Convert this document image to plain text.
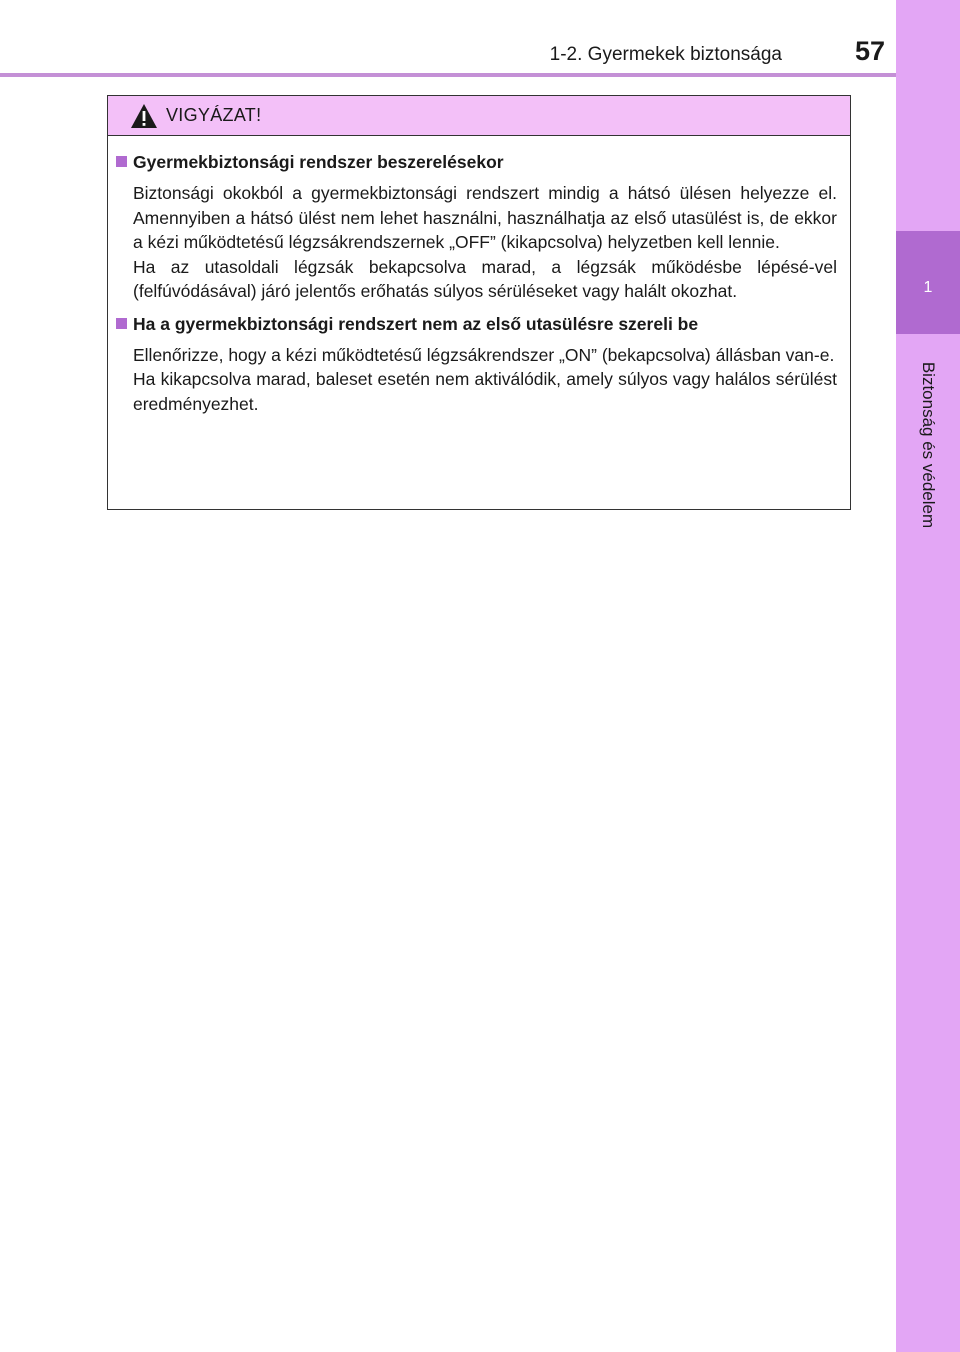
1-2. Gyermekek biztonsága	57
1
Biztonság és védelem
VIGYÁZAT!
Gyermekbiztonsági rendszer beszerelésekor
Biztonsági okokból a gyermekbiztonsági rendszert mindig a hátsó ülésen helyezze el. Amennyiben a hátsó ülést nem lehet használni, használhatja az első utasülést is, de ekkor a kézi működtetésű légzsákrendszernek „OFF” (kikapcsolva) helyzetben kell lennie.
Ha az utasoldali légzsák bekapcsolva marad, a légzsák működésbe lépésé-vel (felfúvódásával) járó jelentős erőhatás súlyos sérüléseket vagy halált okozhat.
Ha a gyermekbiztonsági rendszert nem az első utasülésre szereli be
Ellenőrizze, hogy a kézi működtetésű légzsákrendszer „ON” (bekapcsolva) állásban van-e.
Ha kikapcsolva marad, baleset esetén nem aktiválódik, amely súlyos vagy halálos sérülést eredményezhet.
